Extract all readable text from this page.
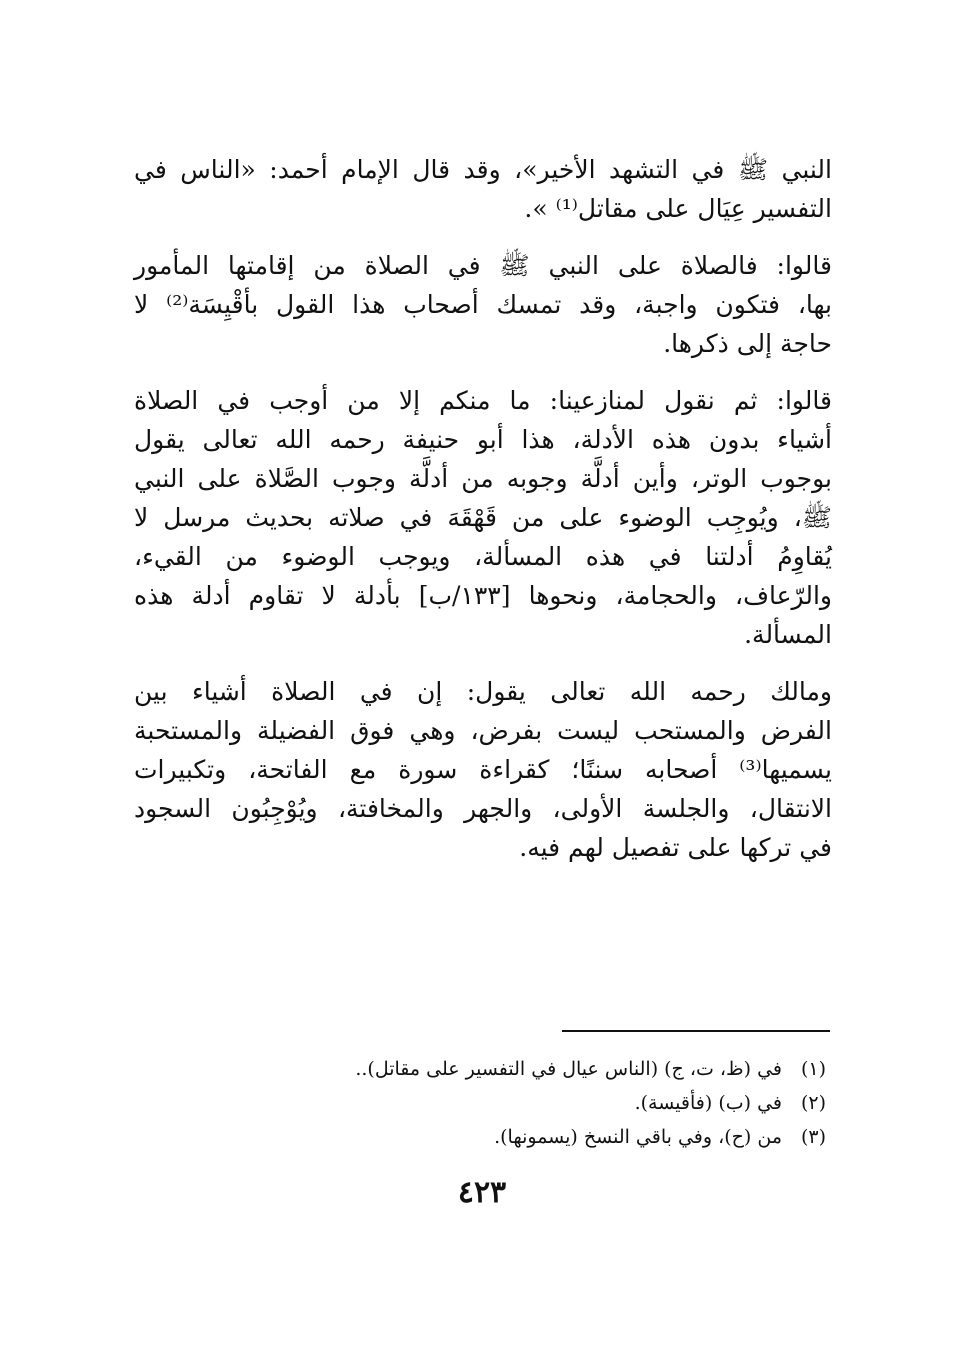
النبي ﷺ في التشهد الأخير»، وقد قال الإمام أحمد: «الناس في
التفسير عِيَال على مقاتل⁽¹⁾ ».
قالوا: فالصلاة على النبي ﷺ في الصلاة من إقامتها المأمور
بها، فتكون واجبة، وقد تمسك أصحاب هذا القول بأقْيِسَة⁽²⁾ لا
حاجة إلى ذكرها.
قالوا: ثم نقول لمنازعينا: ما منكم إلا من أوجب في الصلاة
أشياء بدون هذه الأدلة، هذا أبو حنيفة رحمه الله تعالى يقول
بوجوب الوتر، وأين أدلَّة وجوبه من أدلَّة وجوب الصَّلاة على النبي
ﷺ، ويُوجِب الوضوء على من قَهْقَهَ في صلاته بحديث مرسل لا
يُقاوِمُ أدلتنا في هذه المسألة، ويوجب الوضوء من القيء،
والرّعاف، والحجامة، ونحوها [١٣٣/ب] بأدلة لا تقاوم أدلة هذه
المسألة.
ومالك رحمه الله تعالى يقول: إن في الصلاة أشياء بين
الفرض والمستحب ليست بفرض، وهي فوق الفضيلة والمستحبة
يسميها⁽³⁾ أصحابه سننًا؛ كقراءة سورة مع الفاتحة، وتكبيرات
الانتقال، والجلسة الأولى، والجهر والمخافتة، ويُوْجِبُون السجود
في تركها على تفصيل لهم فيه.
(١)في (ظ، ت، ج) (الناس عيال في التفسير على مقاتل)..
(٢)في (ب) (فأقيسة).
(٣)من (ح)، وفي باقي النسخ (يسمونها).
٤٢٣
